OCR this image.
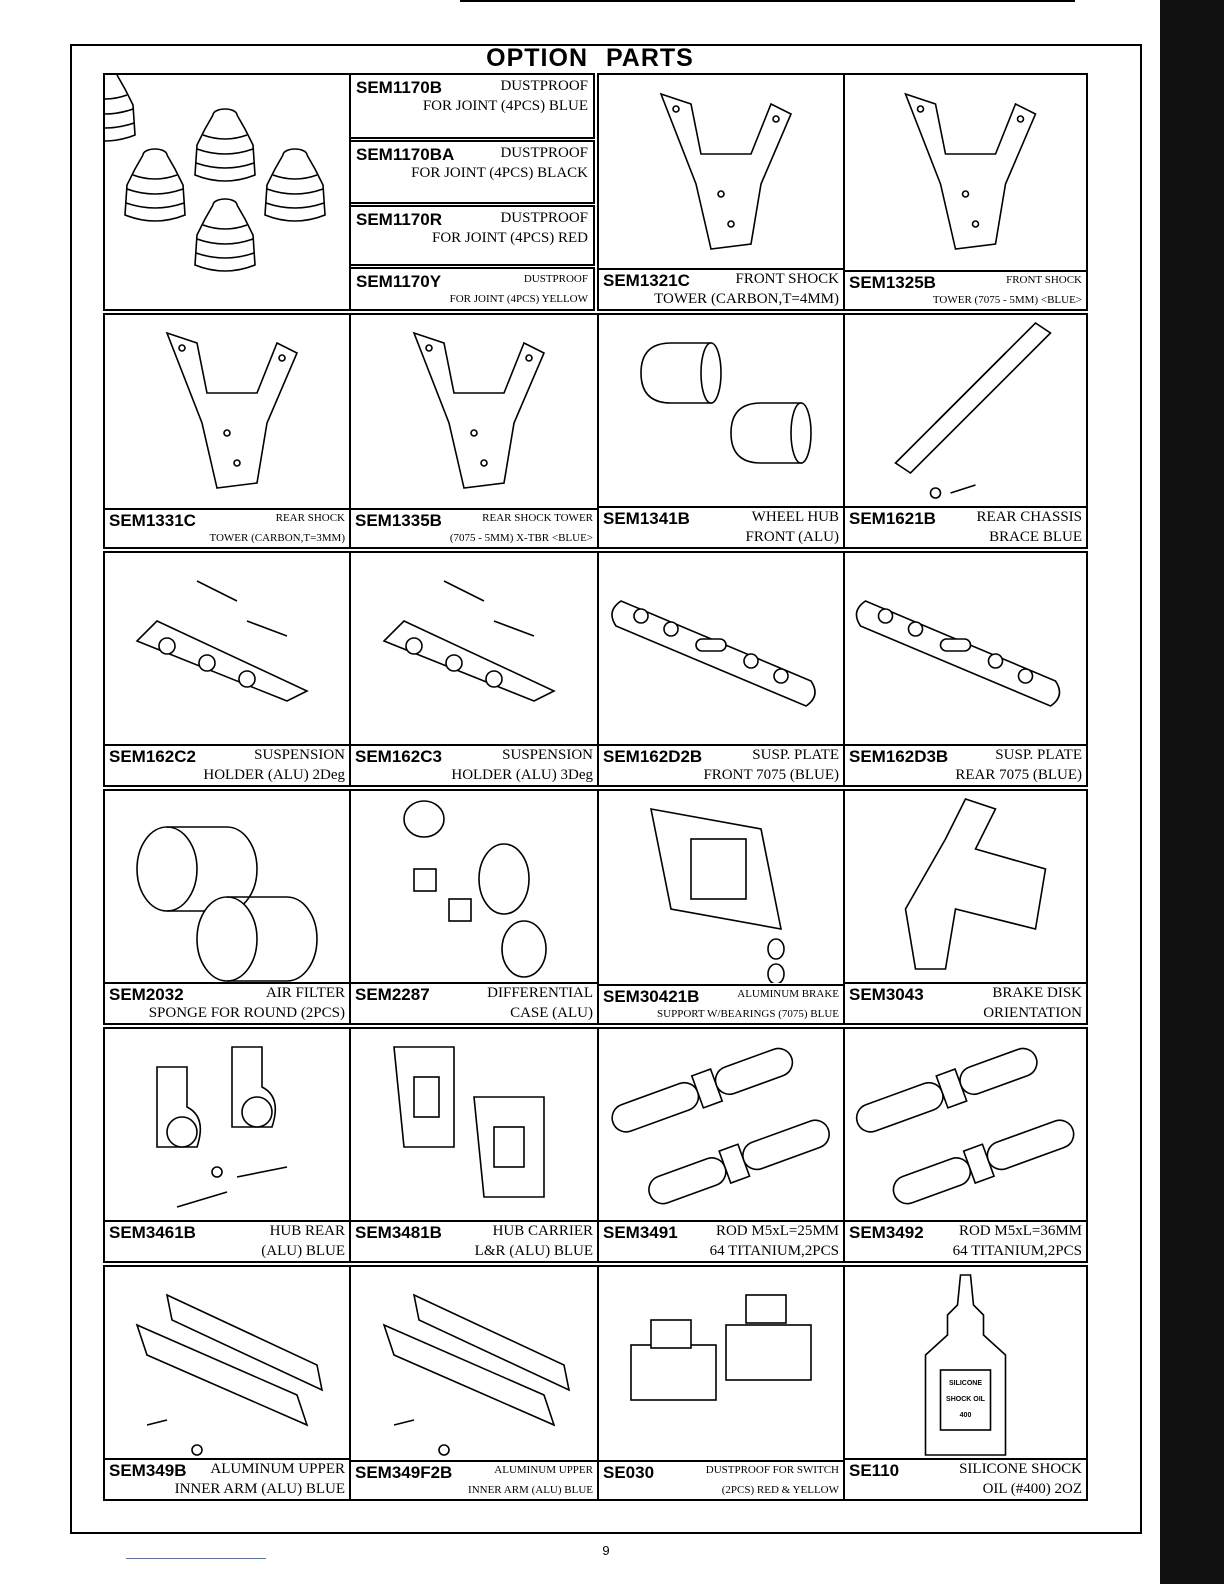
OPTION PARTS
SEM1170B	DUSTPROOF
FOR JOINT (4PCS) BLUE
SEM1170BA	DUSTPROOF
FOR JOINT (4PCS) BLACK
SEM1170R	DUSTPROOF
FOR JOINT (4PCS) RED
SEM1170Y	DUSTPROOF
FOR JOINT (4PCS) YELLOW
SEM1321C	FRONT SHOCK
TOWER (CARBON,T=4MM)
SEM1325B	FRONT SHOCK
TOWER (7075 - 5MM) <BLUE>
SEM1331C	REAR SHOCK
TOWER (CARBON,T=3MM)
SEM1335B	REAR SHOCK TOWER
(7075 - 5MM) X-TBR <BLUE>
SEM1341B	WHEEL HUB
FRONT (ALU)
SEM1621B	REAR CHASSIS
BRACE BLUE
SEM162C2	SUSPENSION
HOLDER (ALU) 2Deg
SEM162C3	SUSPENSION
HOLDER (ALU) 3Deg
SEM162D2B	SUSP. PLATE
FRONT 7075 (BLUE)
SEM162D3B	SUSP. PLATE
REAR 7075 (BLUE)
SEM2032	AIR FILTER
SPONGE FOR ROUND (2PCS)
SEM2287	DIFFERENTIAL
CASE (ALU)
SEM30421B	ALUMINUM BRAKE
SUPPORT W/BEARINGS (7075) BLUE
SEM3043	BRAKE DISK
ORIENTATION
SEM3461B	HUB REAR
(ALU) BLUE
SEM3481B	HUB CARRIER
L&R (ALU) BLUE
SEM3491	ROD M5xL=25MM
64 TITANIUM,2PCS
SEM3492	ROD M5xL=36MM
64 TITANIUM,2PCS
SEM349B	ALUMINUM UPPER
INNER ARM (ALU) BLUE
SEM349F2B	ALUMINUM UPPER
INNER ARM (ALU) BLUE
SE030	DUSTPROOF FOR SWITCH
(2PCS) RED & YELLOW
SILICONE
SHOCK OIL
400
SE110	SILICONE SHOCK
OIL (#400) 2OZ
9
